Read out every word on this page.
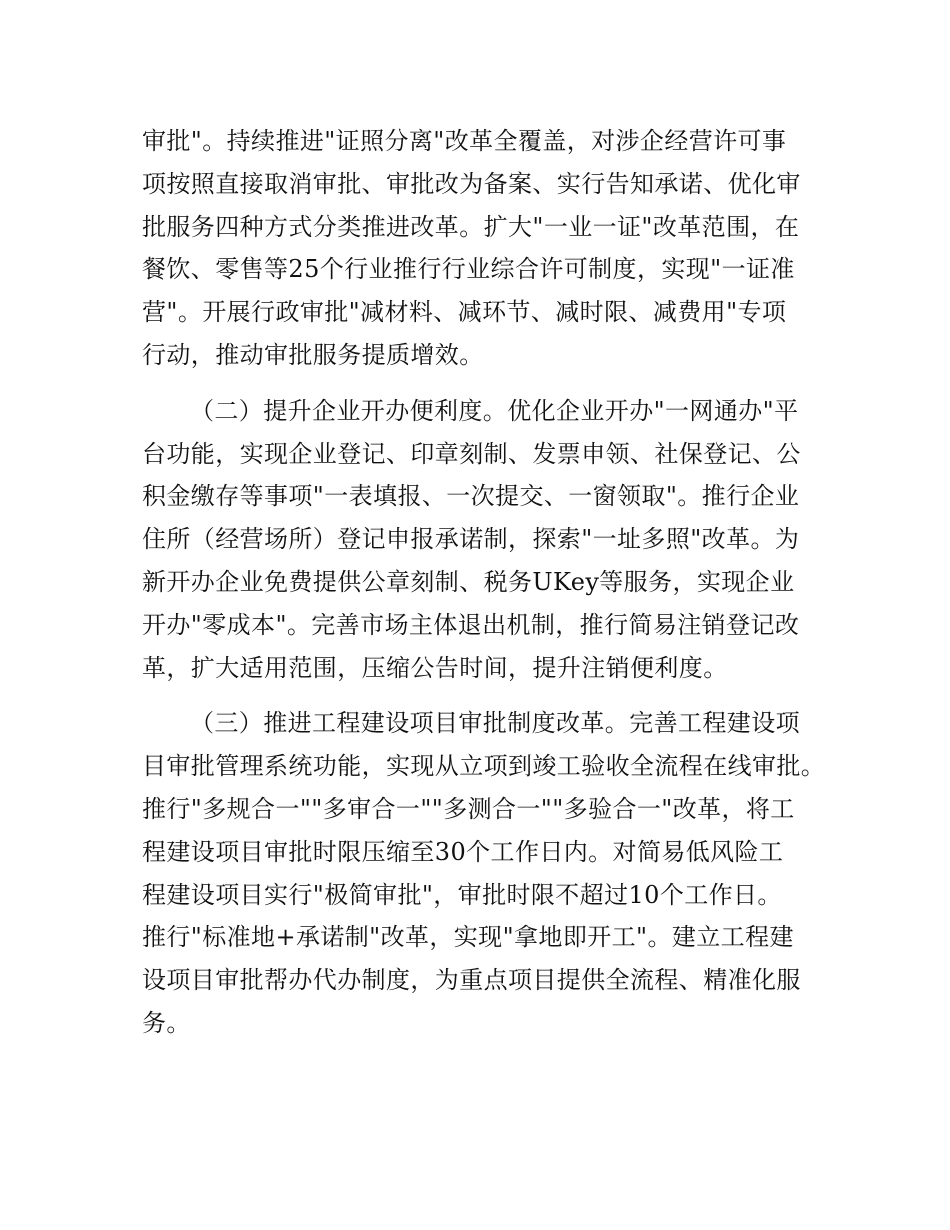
审批"。持续推进"证照分离"改革全覆盖，对涉企经营许可事
项按照直接取消审批、审批改为备案、实行告知承诺、优化审
批服务四种方式分类推进改革。扩大"一业一证"改革范围，在
餐饮、零售等25个行业推行行业综合许可制度，实现"一证准
营"。开展行政审批"减材料、减环节、减时限、减费用"专项
行动，推动审批服务提质增效。
（二）提升企业开办便利度。优化企业开办"一网通办"平
台功能，实现企业登记、印章刻制、发票申领、社保登记、公
积金缴存等事项"一表填报、一次提交、一窗领取"。推行企业
住所（经营场所）登记申报承诺制，探索"一址多照"改革。为
新开办企业免费提供公章刻制、税务UKey等服务，实现企业
开办"零成本"。完善市场主体退出机制，推行简易注销登记改
革，扩大适用范围，压缩公告时间，提升注销便利度。
（三）推进工程建设项目审批制度改革。完善工程建设项
目审批管理系统功能，实现从立项到竣工验收全流程在线审批。
推行"多规合一""多审合一""多测合一""多验合一"改革，将工
程建设项目审批时限压缩至30个工作日内。对简易低风险工
程建设项目实行"极简审批"，审批时限不超过10个工作日。
推行"标准地+承诺制"改革，实现"拿地即开工"。建立工程建
设项目审批帮办代办制度，为重点项目提供全流程、精准化服
务。
